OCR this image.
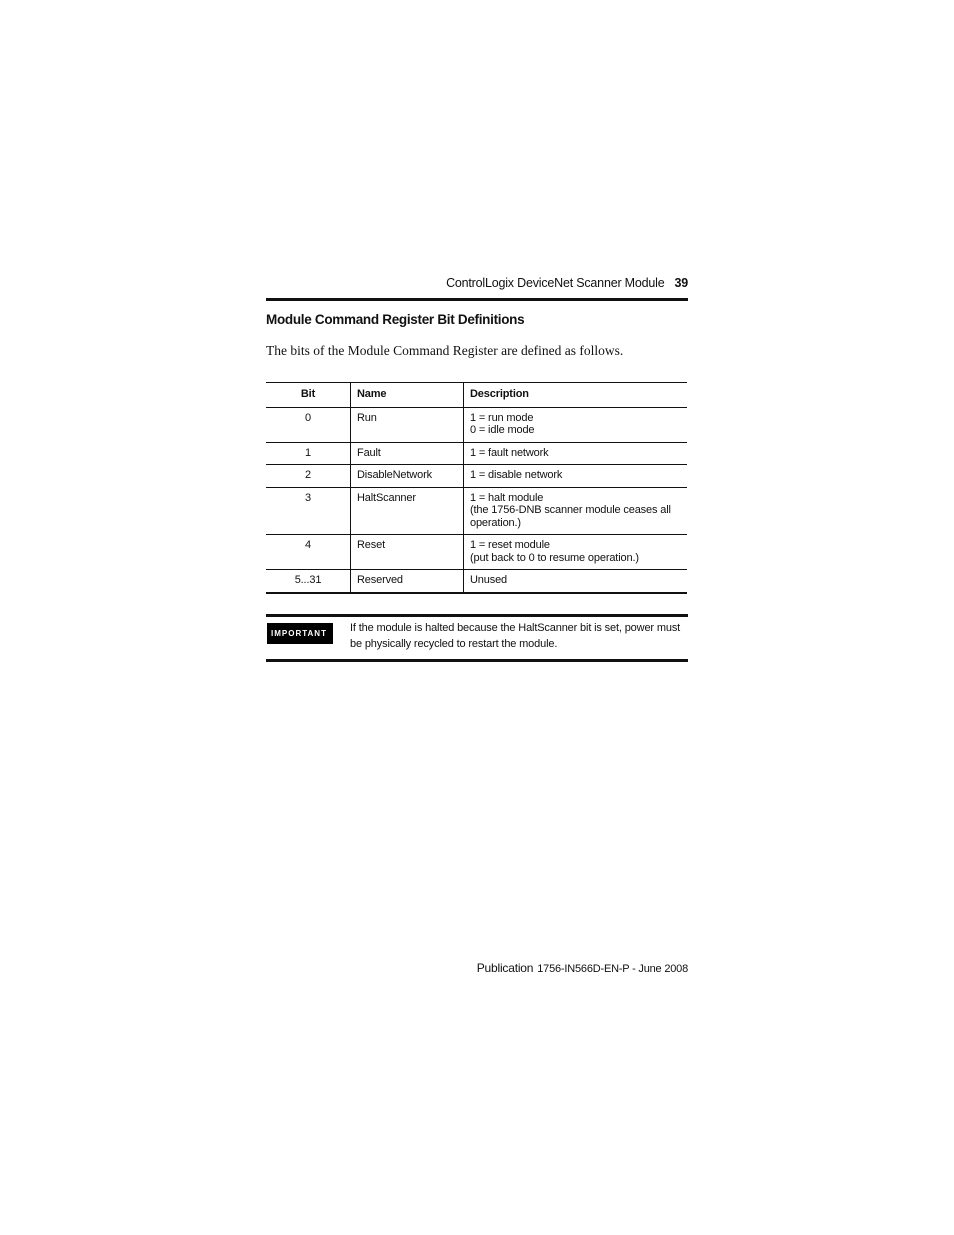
ControlLogix DeviceNet Scanner Module 39
Module Command Register Bit Definitions

The bits of the Module Command Register are defined as follows.

Bit	Name	Description
0	Run	1 = run mode
0 = idle mode

1	Fault	1 = fault network

2	DisableNetwork	1 = disable network

3	HaltScanner	1 = halt module
(the 1756-DNB scanner module ceases all operation.)

4	Reset	1 = reset module
(put back to 0 to resume operation.)

5...31	Reserved	Unused
IMPORTANT	If the module is halted because the HaltScanner bit is set, power must be physically recycled to restart the module.
Publication 1756-IN566D-EN-P - June 2008
